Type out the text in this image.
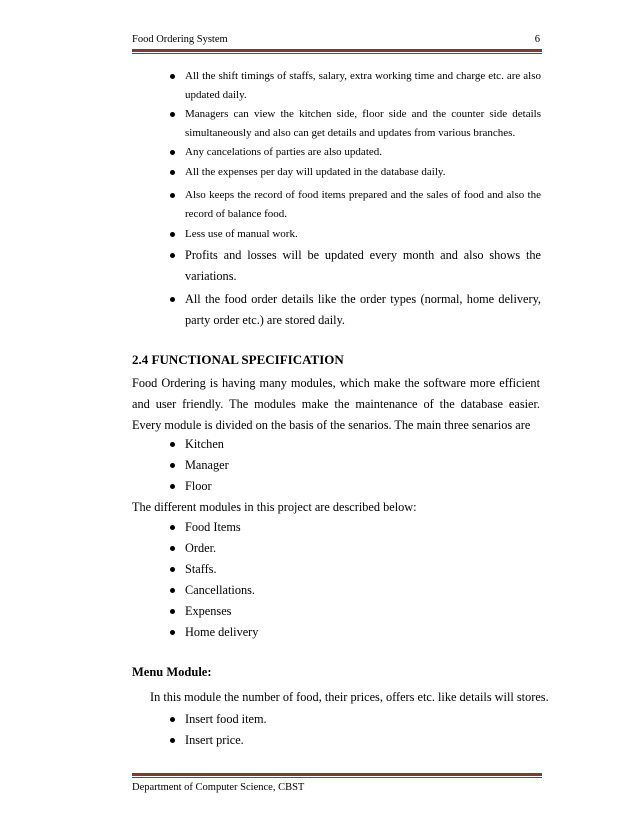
Food Ordering System	6
All the shift timings of staffs, salary, extra working time and charge etc. are also updated daily.
Managers can view the kitchen side, floor side and the counter side details simultaneously and also can get details and updates from various branches.
Any cancelations of parties are also updated.
All the expenses per day will updated in the database daily.
Also keeps the record of food items prepared and the sales of food and also the record of balance food.
Less use of manual work.
Profits and losses will be updated every month and also shows the variations.
All the food order details like the order types (normal, home delivery, party order etc.) are stored daily.
2.4 FUNCTIONAL SPECIFICATION
Food Ordering is having many modules, which make the software more efficient and user friendly. The modules make the maintenance of the database easier. Every module is divided on the basis of the senarios. The main three senarios are
Kitchen
Manager
Floor
The different modules in this project are described below:
Food Items
Order.
Staffs.
Cancellations.
Expenses
Home delivery
Menu Module:
In this module the number of food, their prices, offers etc. like details will stores.
Insert food item.
Insert price.
Department of Computer Science, CBST
